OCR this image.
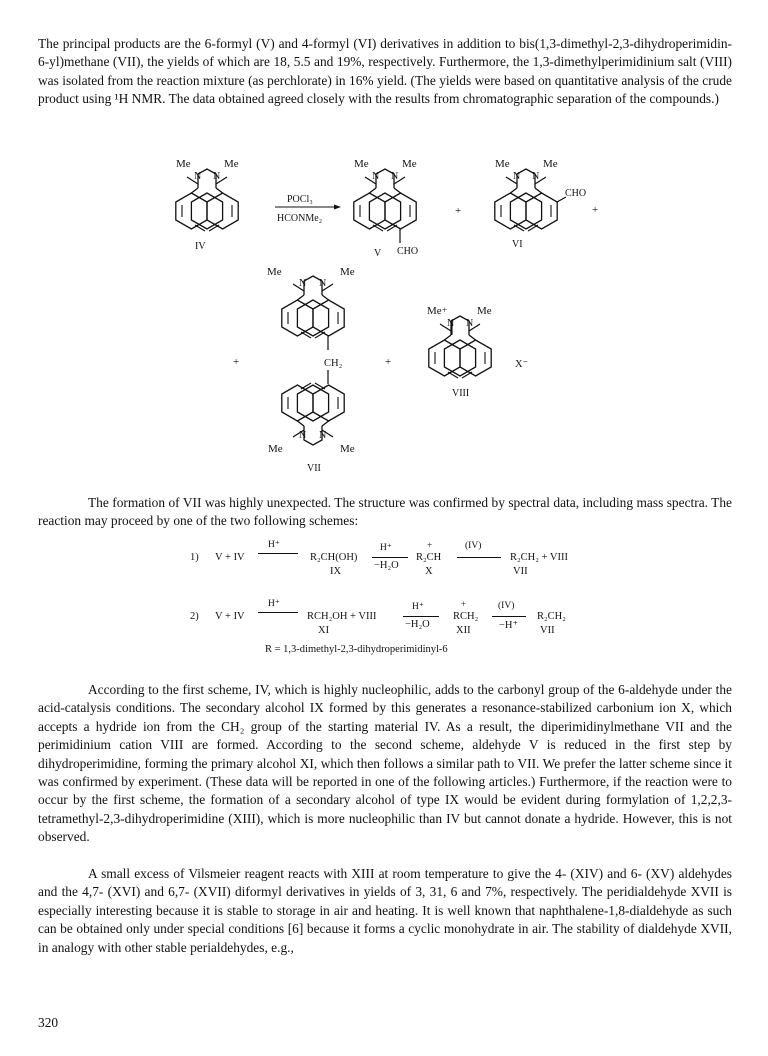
The principal products are the 6-formyl (V) and 4-formyl (VI) derivatives in addition to bis(1,3-dimethyl-2,3-dihydroperimidin-6-yl)methane (VII), the yields of which are 18, 5.5 and 19%, respectively. Furthermore, the 1,3-dimethylperimidinium salt (VIII) was isolated from the reaction mixture (as perchlorate) in 16% yield. (The yields were based on quantitative analysis of the crude product using ¹H NMR. The data obtained agreed closely with the results from chromatographic separation of the compounds.)

Me	Me
N N
IV
POCl₃
HCONMe₂
Me	Me
N N
CHO
V
+
Me	Me
N N
CHO
VI
+
+
Me	Me
N N
CH₂
Me	Me
N N
VII
+
Me +	Me
N N
VIII
X⁻

The formation of VII was highly unexpected. The structure was confirmed by spectral data, including mass spectra. The reaction may proceed by one of the two following schemes:

1) V + IV
H⁺
R₂CH(OH)
IX
H⁺
−H₂O
+
R₂CH
X
(IV)
R₂CH₂ + VIII
VII
2) V + IV
H⁺
RCH₂OH + VIII
XI
H⁺
−H₂O
+
RCH₂
XII
(IV)
−H⁺
R₂CH₂
VII
R = 1,3-dimethyl-2,3-dihydroperimidinyl-6

According to the first scheme, IV, which is highly nucleophilic, adds to the carbonyl group of the 6-aldehyde under the acid-catalysis conditions. The secondary alcohol IX formed by this generates a resonance-stabilized carbonium ion X, which accepts a hydride ion from the CH₂ group of the starting material IV. As a result, the diperimidinylmethane VII and the perimidinium cation VIII are formed. According to the second scheme, aldehyde V is reduced in the first step by dihydroperimidine, forming the primary alcohol XI, which then follows a similar path to VII. We prefer the latter scheme since it was confirmed by experiment. (These data will be reported in one of the following articles.) Furthermore, if the reaction were to occur by the first scheme, the formation of a secondary alcohol of type IX would be evident during formylation of 1,2,2,3-tetramethyl-2,3-dihydroperimidine (XIII), which is more nucleophilic than IV but cannot donate a hydride. However, this is not observed.

A small excess of Vilsmeier reagent reacts with XIII at room temperature to give the 4- (XIV) and 6- (XV) aldehydes and the 4,7- (XVI) and 6,7- (XVII) diformyl derivatives in yields of 3, 31, 6 and 7%, respectively. The peridialdehyde XVII is especially interesting because it is stable to storage in air and heating. It is well known that naphthalene-1,8-dialdehyde as such can be obtained only under special conditions [6] because it forms a cyclic monohydrate in air. The stability of dialdehyde XVII, in analogy with other stable perialdehydes, e.g.,

320
